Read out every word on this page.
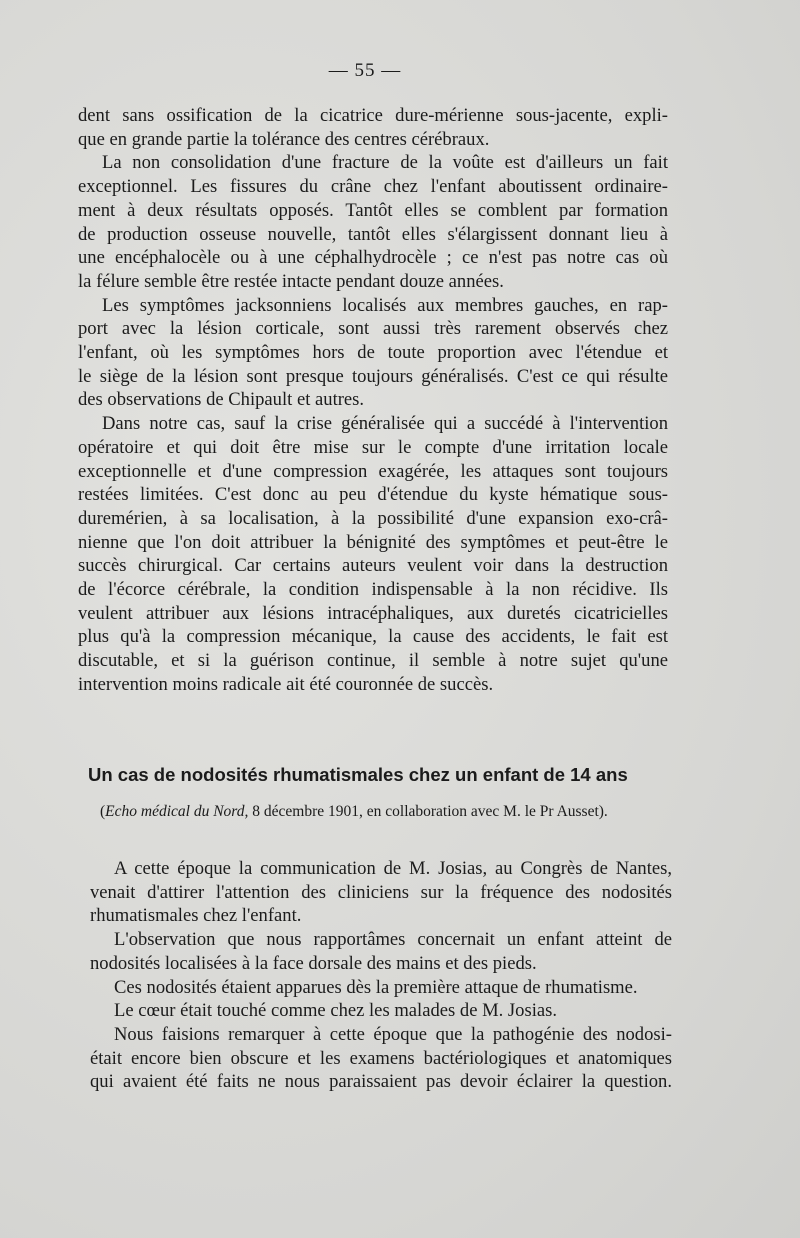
— 55 —
dent sans ossification de la cicatrice dure-mérienne sous-jacente, expli-
que en grande partie la tolérance des centres cérébraux.
La non consolidation d'une fracture de la voûte est d'ailleurs un fait
exceptionnel. Les fissures du crâne chez l'enfant aboutissent ordinaire-
ment à deux résultats opposés. Tantôt elles se comblent par formation
de production osseuse nouvelle, tantôt elles s'élargissent donnant lieu à
une encéphalocèle ou à une céphalhydrocèle ; ce n'est pas notre cas où
la félure semble être restée intacte pendant douze années.
Les symptômes jacksonniens localisés aux membres gauches, en rap-
port avec la lésion corticale, sont aussi très rarement observés chez
l'enfant, où les symptômes hors de toute proportion avec l'étendue et
le siège de la lésion sont presque toujours généralisés. C'est ce qui résulte
des observations de Chipault et autres.
Dans notre cas, sauf la crise généralisée qui a succédé à l'intervention
opératoire et qui doit être mise sur le compte d'une irritation locale
exceptionnelle et d'une compression exagérée, les attaques sont toujours
restées limitées. C'est donc au peu d'étendue du kyste hématique sous-
duremérien, à sa localisation, à la possibilité d'une expansion exo-crâ-
nienne que l'on doit attribuer la bénignité des symptômes et peut-être le
succès chirurgical. Car certains auteurs veulent voir dans la destruction
de l'écorce cérébrale, la condition indispensable à la non récidive. Ils
veulent attribuer aux lésions intracéphaliques, aux duretés cicatricielles
plus qu'à la compression mécanique, la cause des accidents, le fait est
discutable, et si la guérison continue, il semble à notre sujet qu'une
intervention moins radicale ait été couronnée de succès.
Un cas de nodosités rhumatismales chez un enfant de 14 ans
(Echo médical du Nord, 8 décembre 1901, en collaboration avec M. le Pr Ausset).
A cette époque la communication de M. Josias, au Congrès de Nantes,
venait d'attirer l'attention des cliniciens sur la fréquence des nodosités
rhumatismales chez l'enfant.
L'observation que nous rapportâmes concernait un enfant atteint de
nodosités localisées à la face dorsale des mains et des pieds.
Ces nodosités étaient apparues dès la première attaque de rhumatisme.
Le cœur était touché comme chez les malades de M. Josias.
Nous faisions remarquer à cette époque que la pathogénie des nodosi-
était encore bien obscure et les examens bactériologiques et anatomiques
qui avaient été faits ne nous paraissaient pas devoir éclairer la question.
